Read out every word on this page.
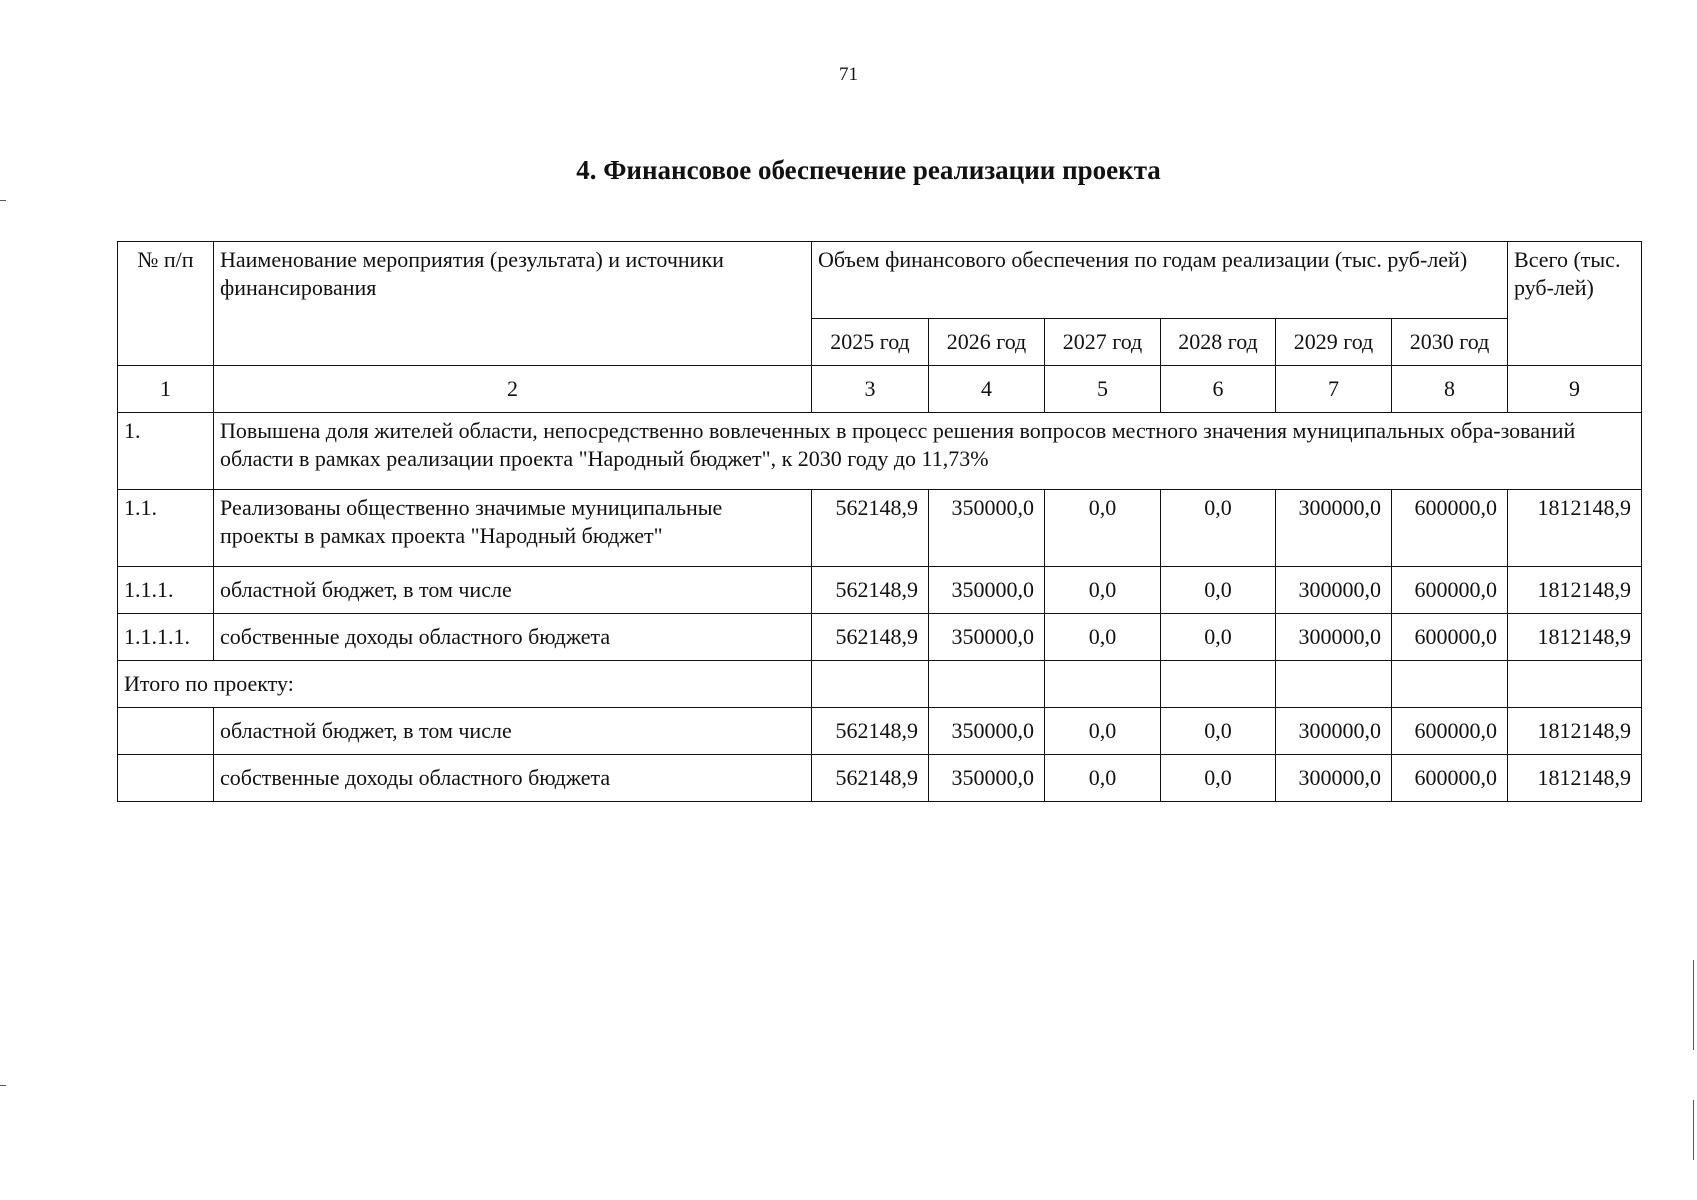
71
4. Финансовое обеспечение реализации проекта
№ п/п	Наименование мероприятия (результата) и источники финансирования	Объем финансового обеспечения по годам реализации (тыс. руб-лей)						Всего (тыс. руб-лей)
		2025 год	2026 год	2027 год	2028 год	2029 год	2030 год	
1	2	3	4	5	6	7	8	9
1.	Повышена доля жителей области, непосредственно вовлеченных в процесс решения вопросов местного значения муниципальных обра-зований области в рамках реализации проекта "Народный бюджет", к 2030 году до 11,73%							
1.1.	Реализованы общественно значимые муниципальные проекты в рамках проекта "Народный бюджет"	562148,9	350000,0	0,0	0,0	300000,0	600000,0	1812148,9
1.1.1.	областной бюджет, в том числе	562148,9	350000,0	0,0	0,0	300000,0	600000,0	1812148,9
1.1.1.1.	собственные доходы областного бюджета	562148,9	350000,0	0,0	0,0	300000,0	600000,0	1812148,9
Итого по проекту:								
	областной бюджет, в том числе	562148,9	350000,0	0,0	0,0	300000,0	600000,0	1812148,9
	собственные доходы областного бюджета	562148,9	350000,0	0,0	0,0	300000,0	600000,0	1812148,9
